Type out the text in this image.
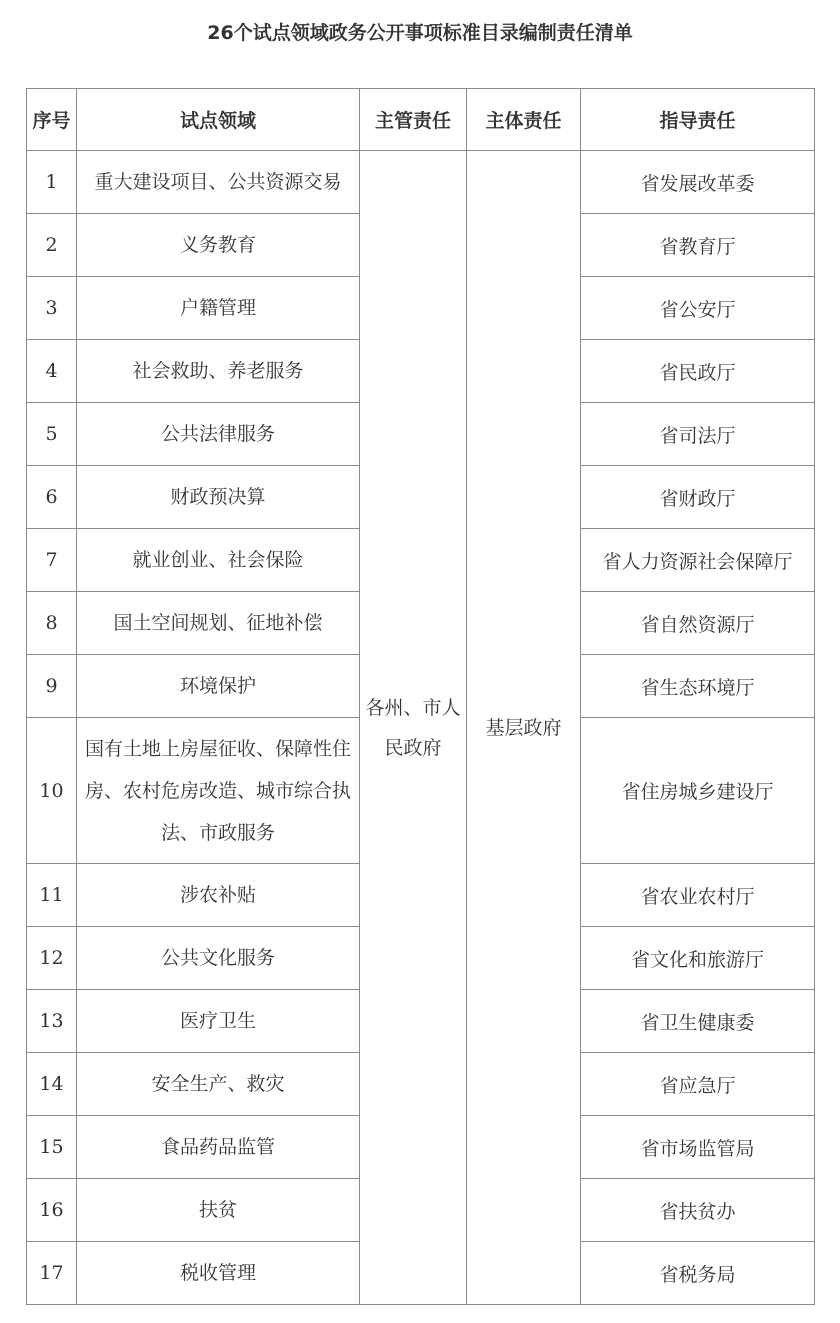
26个试点领域政务公开事项标准目录编制责任清单
序号	试点领域	主管责任	主体责任	指导责任
1	重大建设项目、公共资源交易	各州、市人民政府	基层政府	省发展改革委
2	义务教育			省教育厅
3	户籍管理			省公安厅
4	社会救助、养老服务			省民政厅
5	公共法律服务			省司法厅
6	财政预决算			省财政厅
7	就业创业、社会保险			省人力资源社会保障厅
8	国土空间规划、征地补偿			省自然资源厅
9	环境保护			省生态环境厅
10	国有土地上房屋征收、保障性住房、农村危房改造、城市综合执法、市政服务			省住房城乡建设厅
11	涉农补贴			省农业农村厅
12	公共文化服务			省文化和旅游厅
13	医疗卫生			省卫生健康委
14	安全生产、救灾			省应急厅
15	食品药品监管			省市场监管局
16	扶贫			省扶贫办
17	税收管理			省税务局
